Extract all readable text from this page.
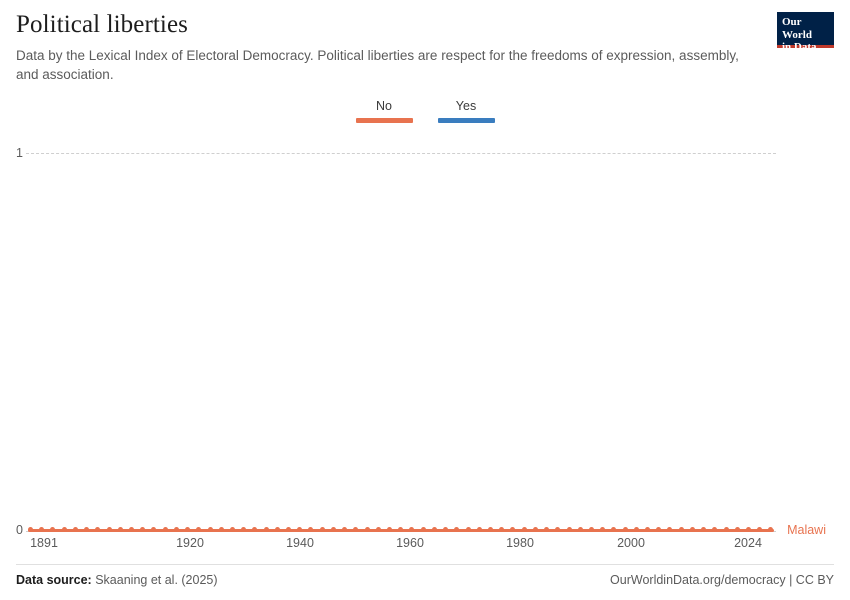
Our World
in Data
Political liberties
Data by the Lexical Index of Electoral Democracy. Political liberties are respect for the freedoms of expression, assembly, and association.
No	Yes
1
0	Malawi
1891	1920	1940	1960	1980	2000	2024
Data source: Skaaning et al. (2025)	OurWorldinData.org/democracy | CC BY
